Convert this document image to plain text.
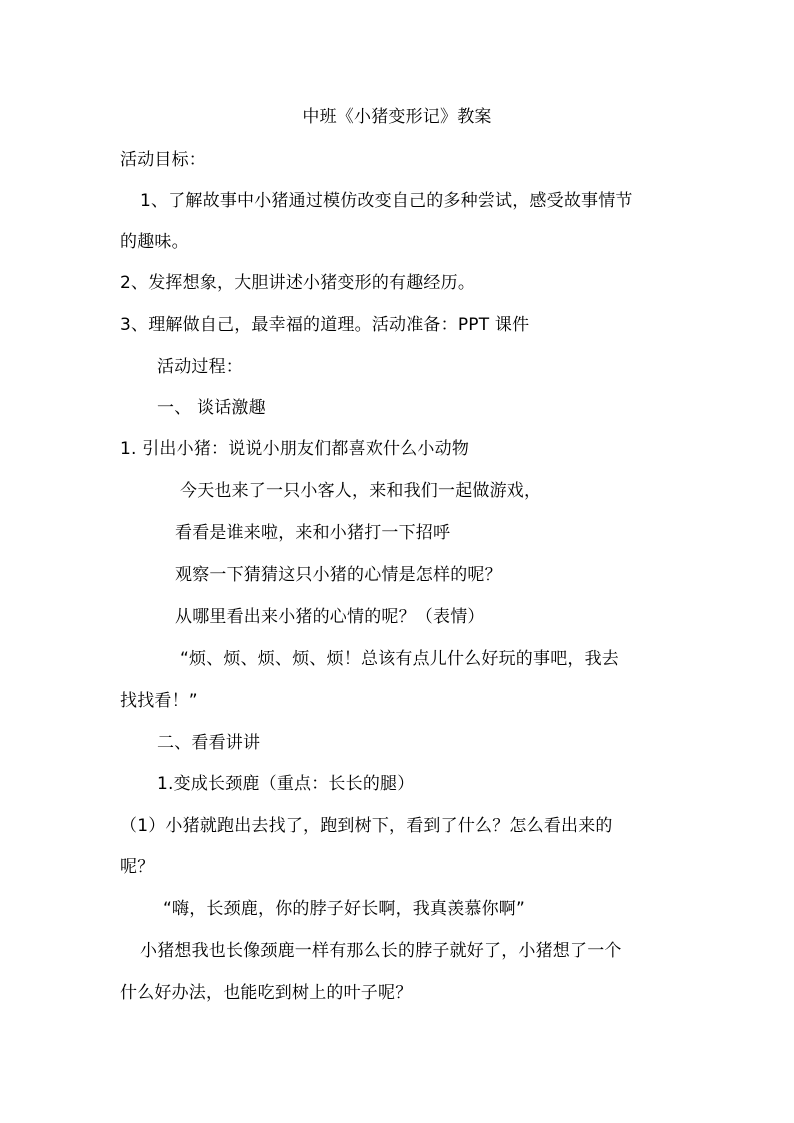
中班《小猪变形记》教案
活动目标：
1、了解故事中小猪通过模仿改变自己的多种尝试，感受故事情节
的趣味。
2、发挥想象，大胆讲述小猪变形的有趣经历。
3、理解做自己，最幸福的道理。活动准备：PPT 课件
活动过程：
一、 谈话激趣
1. 引出小猪：说说小朋友们都喜欢什么小动物
今天也来了一只小客人，来和我们一起做游戏，
看看是谁来啦，来和小猪打一下招呼
观察一下猜猜这只小猪的心情是怎样的呢？
从哪里看出来小猪的心情的呢？（表情）
“烦、烦、烦、烦、烦！总该有点儿什么好玩的事吧，我去
找找看！”
二、看看讲讲
1.变成长颈鹿（重点：长长的腿）
（1）小猪就跑出去找了，跑到树下，看到了什么？怎么看出来的
呢？
“嗨，长颈鹿，你的脖子好长啊，我真羡慕你啊”
小猪想我也长像颈鹿一样有那么长的脖子就好了，小猪想了一个
什么好办法，也能吃到树上的叶子呢？
